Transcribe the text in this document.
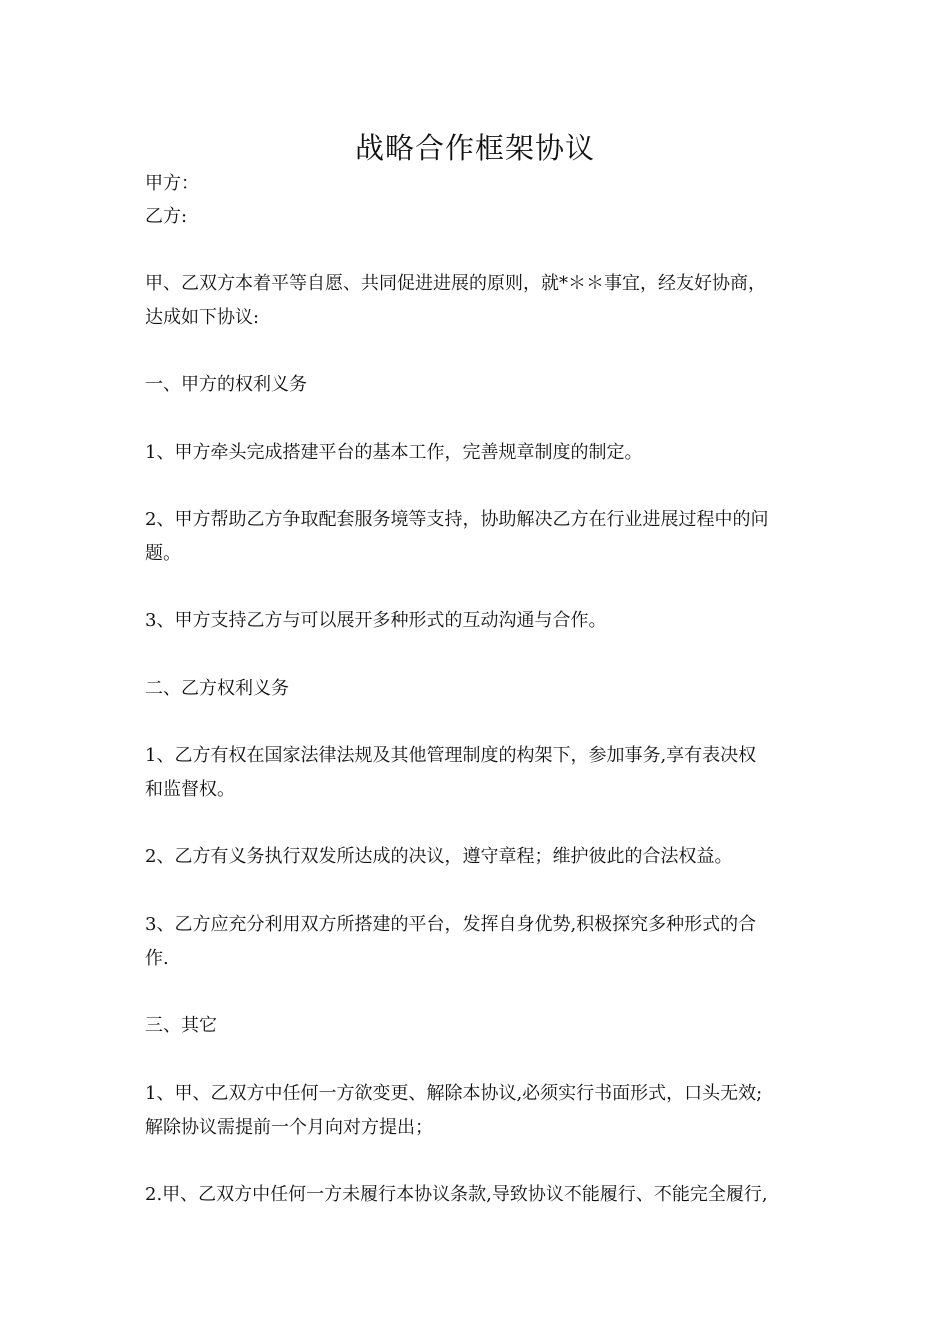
战略合作框架协议
甲方：
乙方:
甲、乙双方本着平等自愿、共同促进进展的原则，就*＊＊事宜，经友好协商，
达成如下协议:
一、甲方的权利义务
1、甲方牵头完成搭建平台的基本工作，完善规章制度的制定。
2、甲方帮助乙方争取配套服务境等支持，协助解决乙方在行业进展过程中的问
题。
3、甲方支持乙方与可以展开多种形式的互动沟通与合作。
二、乙方权利义务
1、乙方有权在国家法律法规及其他管理制度的构架下，参加事务,享有表决权
和监督权。
2、乙方有义务执行双发所达成的决议，遵守章程；维护彼此的合法权益。
3、乙方应充分利用双方所搭建的平台，发挥自身优势,积极探究多种形式的合
作.
三、其它
1、甲、乙双方中任何一方欲变更、解除本协议,必须实行书面形式，口头无效;
解除协议需提前一个月向对方提出；
2.甲、乙双方中任何一方未履行本协议条款,导致协议不能履行、不能完全履行,
